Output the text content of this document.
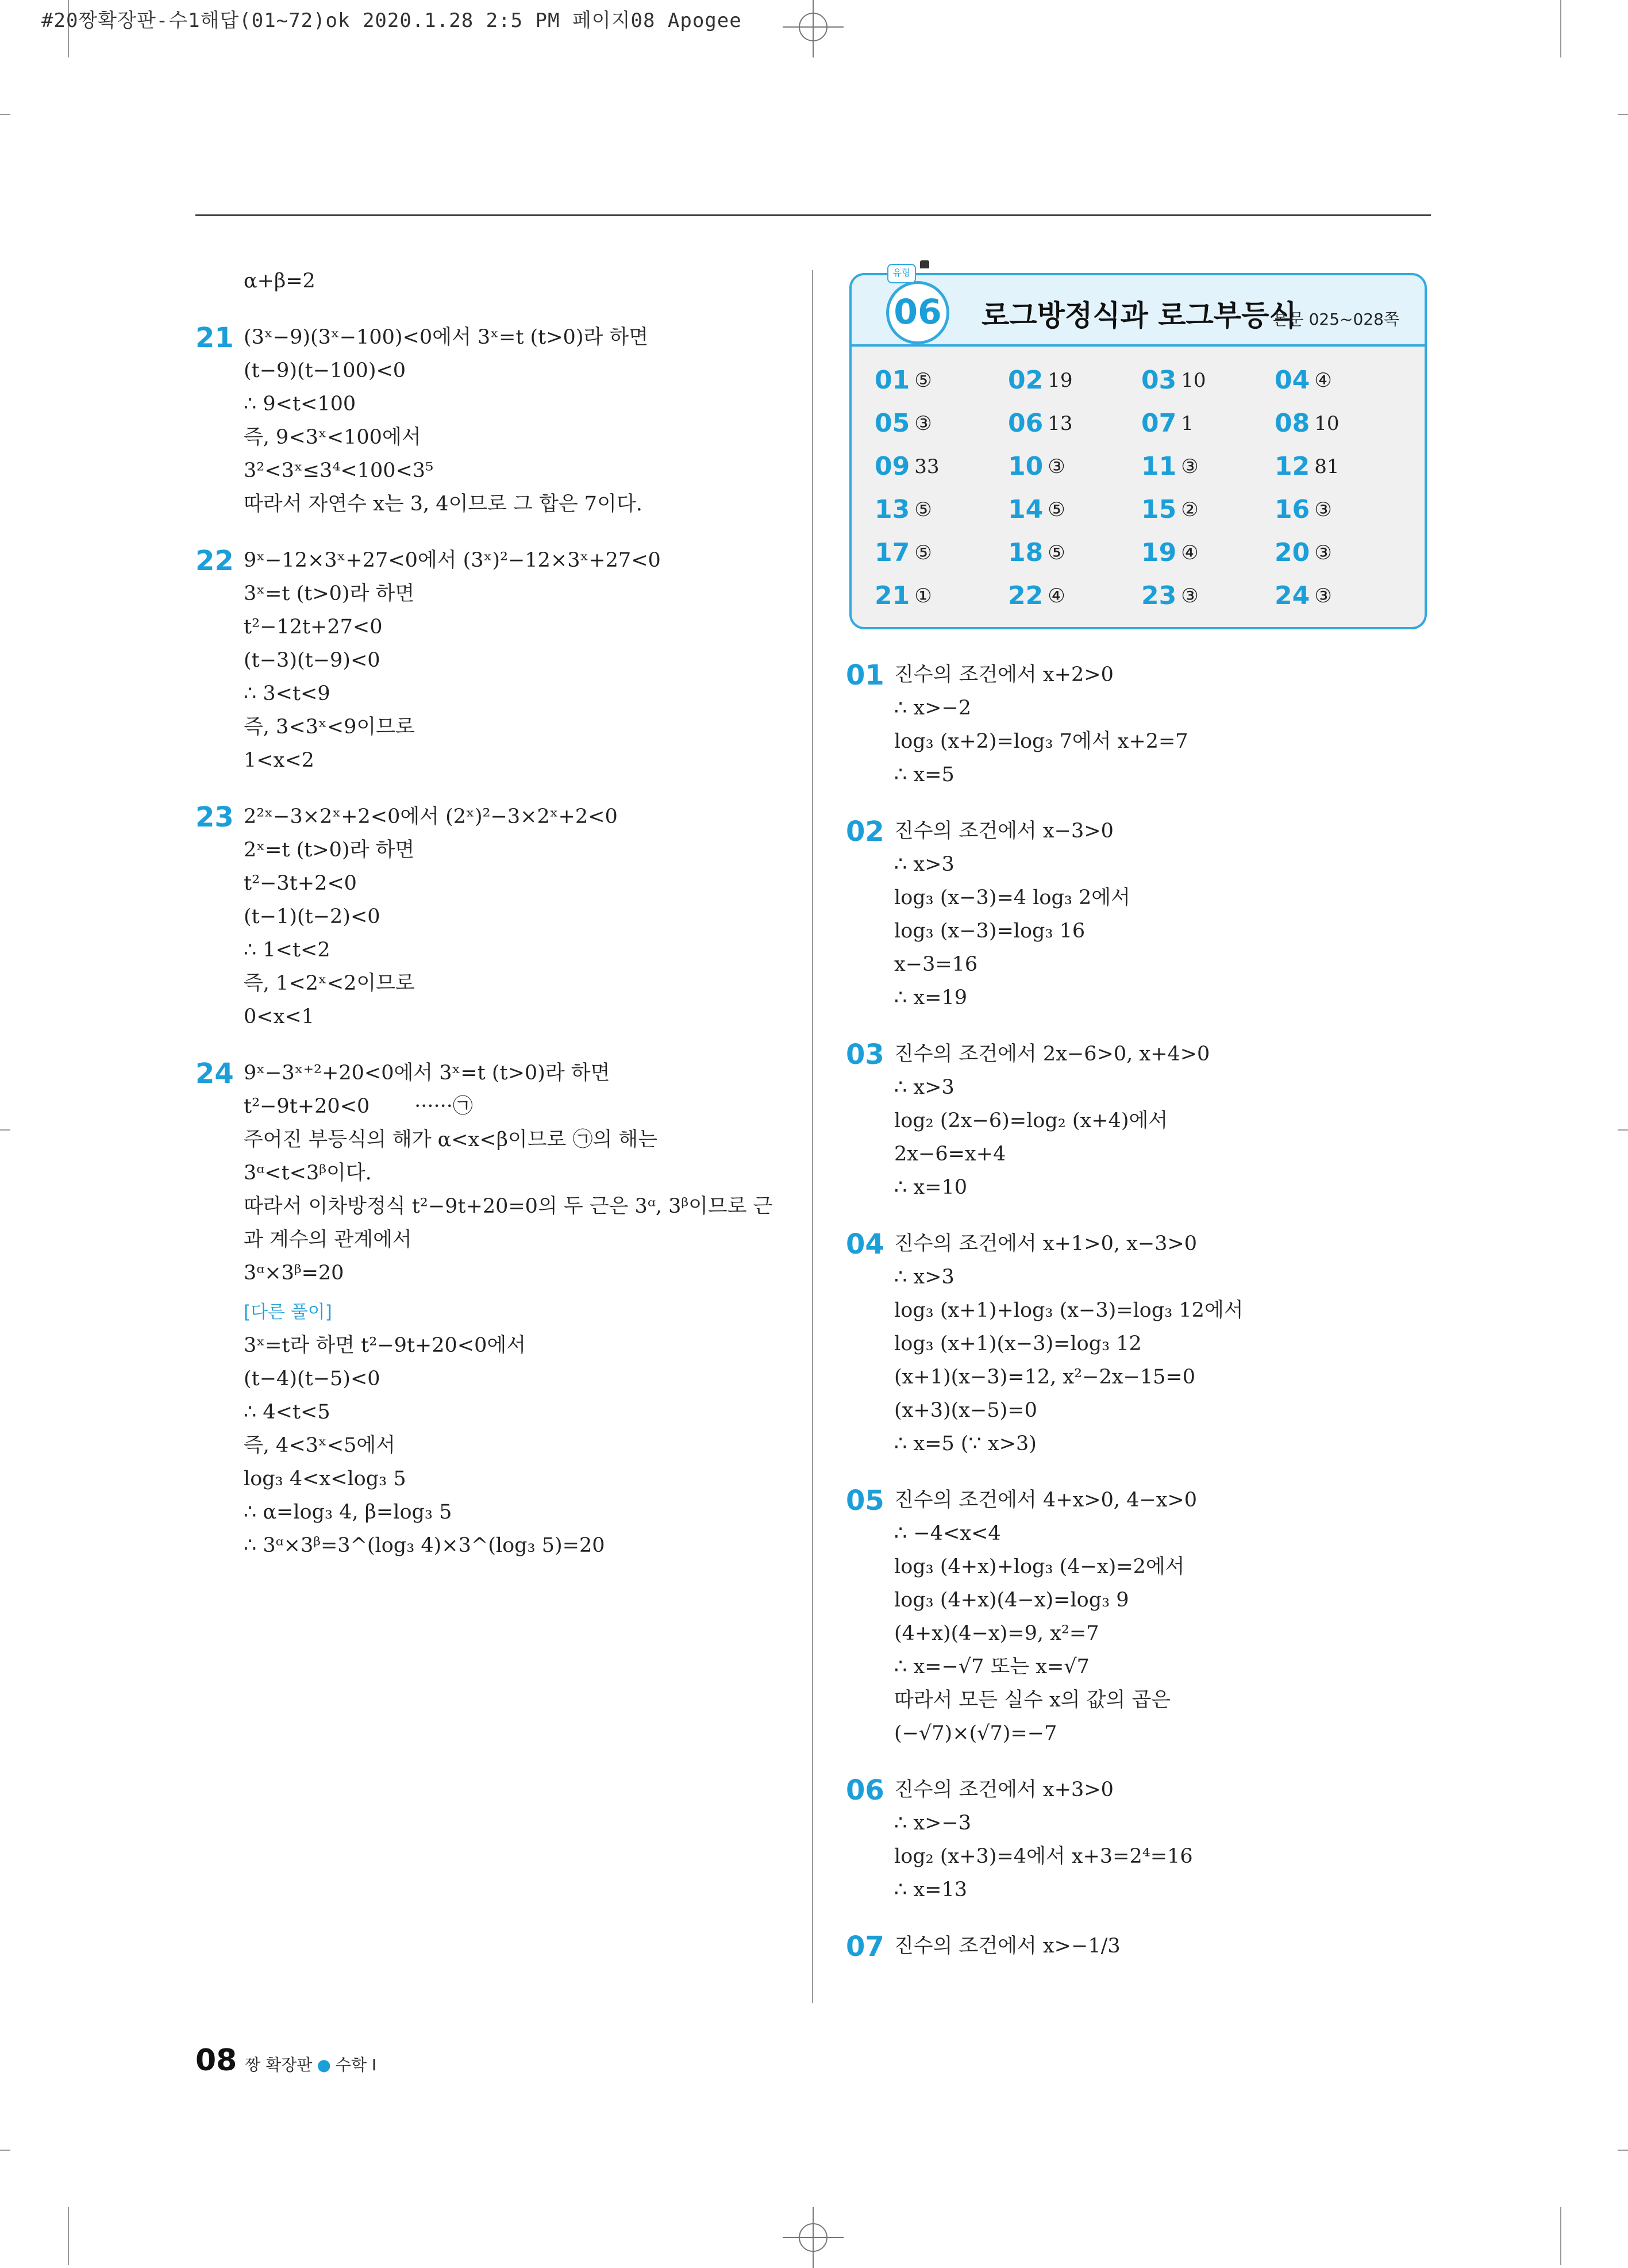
#20짱확장판-수1해답(01~72)ok 2020.1.28 2:5 PM 페이지08 Apogee
α+β=2
21 (3ˣ−9)(3ˣ−100)<0에서 3ˣ=t (t>0)라 하면
(t−9)(t−100)<0
∴ 9<t<100
즉, 9<3ˣ<100에서
3²<3ˣ≤3⁴<100<3⁵
따라서 자연수 x는 3, 4이므로 그 합은 7이다.
22 9ˣ−12×3ˣ+27<0에서 (3ˣ)²−12×3ˣ+27<0
3ˣ=t (t>0)라 하면
t²−12t+27<0
(t−3)(t−9)<0
∴ 3<t<9
즉, 3<3ˣ<9이므로
1<x<2
23 2²ˣ−3×2ˣ+2<0에서 (2ˣ)²−3×2ˣ+2<0
2ˣ=t (t>0)라 하면
t²−3t+2<0
(t−1)(t−2)<0
∴ 1<t<2
즉, 1<2ˣ<2이므로
0<x<1
24 9ˣ−3ˣ⁺²+20<0에서 3ˣ=t (t>0)라 하면
t²−9t+20<0       ······㉠
주어진 부등식의 해가 α<x<β이므로 ㉠의 해는
3ᵅ<t<3ᵝ이다.
따라서 이차방정식 t²−9t+20=0의 두 근은 3ᵅ, 3ᵝ이므로 근
과 계수의 관계에서
3ᵅ×3ᵝ=20
[다른 풀이]
3ˣ=t라 하면 t²−9t+20<0에서
(t−4)(t−5)<0
∴ 4<t<5
즉, 4<3ˣ<5에서
log₃ 4<x<log₃ 5
∴ α=log₃ 4, β=log₃ 5
∴ 3ᵅ×3ᵝ=3^(log₃ 4)×3^(log₃ 5)=20
06
유형
로그방정식과 로그부등식
본문 025~028쪽
01 ⑤	02 19	03 10	04 ④
05 ③	06 13	07 1	08 10
09 33	10 ③	11 ③	12 81
13 ⑤	14 ⑤	15 ②	16 ③
17 ⑤	18 ⑤	19 ④	20 ③
21 ①	22 ④	23 ③	24 ③
01 진수의 조건에서 x+2>0
∴ x>−2
log₃ (x+2)=log₃ 7에서 x+2=7
∴ x=5
02 진수의 조건에서 x−3>0
∴ x>3
log₃ (x−3)=4 log₃ 2에서
log₃ (x−3)=log₃ 16
x−3=16
∴ x=19
03 진수의 조건에서 2x−6>0, x+4>0
∴ x>3
log₂ (2x−6)=log₂ (x+4)에서
2x−6=x+4
∴ x=10
04 진수의 조건에서 x+1>0, x−3>0
∴ x>3
log₃ (x+1)+log₃ (x−3)=log₃ 12에서
log₃ (x+1)(x−3)=log₃ 12
(x+1)(x−3)=12, x²−2x−15=0
(x+3)(x−5)=0
∴ x=5 (∵ x>3)
05 진수의 조건에서 4+x>0, 4−x>0
∴ −4<x<4
log₃ (4+x)+log₃ (4−x)=2에서
log₃ (4+x)(4−x)=log₃ 9
(4+x)(4−x)=9, x²=7
∴ x=−√7 또는 x=√7
따라서 모든 실수 x의 값의 곱은
(−√7)×(√7)=−7
06 진수의 조건에서 x+3>0
∴ x>−3
log₂ (x+3)=4에서 x+3=2⁴=16
∴ x=13
07 진수의 조건에서 x>−1/3
08 짱 확장판 ● 수학 Ⅰ
